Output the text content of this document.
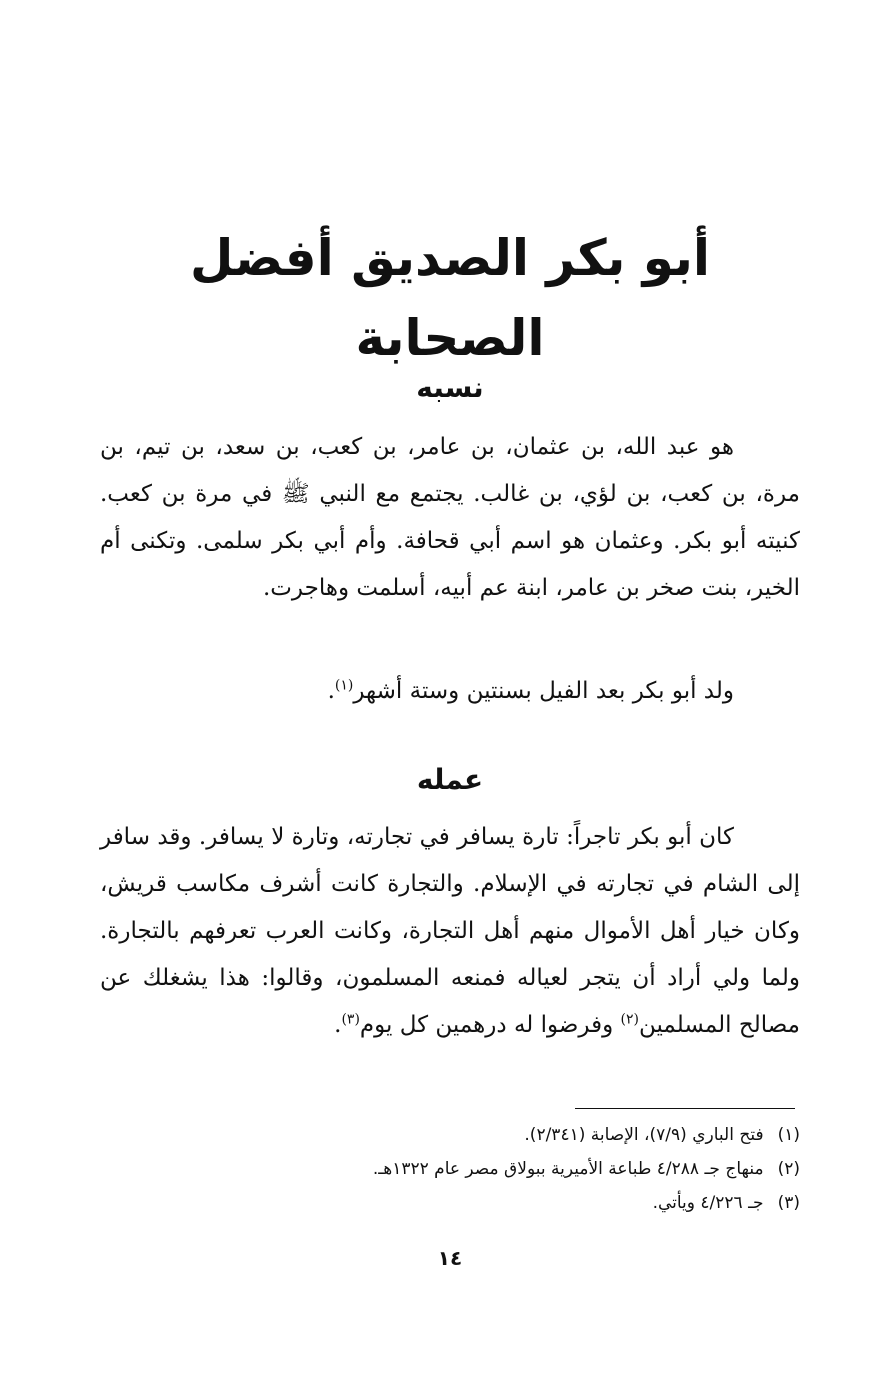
أبو بكر الصديق أفضل الصحابة
نسبه

هو عبد الله، بن عثمان، بن عامر، بن كعب، بن سعد، بن تيم، بن مرة، بن كعب، بن لؤي، بن غالب. يجتمع مع النبي ﷺ في مرة بن كعب. كنيته أبو بكر. وعثمان هو اسم أبي قحافة. وأم أبي بكر سلمى. وتكنى أم الخير، بنت صخر بن عامر، ابنة عم أبيه، أسلمت وهاجرت.

ولد أبو بكر بعد الفيل بسنتين وستة أشهر$^{(١)}$.

عمله

كان أبو بكر تاجراً: تارة يسافر في تجارته، وتارة لا يسافر. وقد سافر إلى الشام في تجارته في الإسلام. والتجارة كانت أشرف مكاسب قريش، وكان خيار أهل الأموال منهم أهل التجارة، وكانت العرب تعرفهم بالتجارة. ولما ولي أراد أن يتجر لعياله فمنعه المسلمون، وقالوا: هذا يشغلك عن مصالح المسلمين$^{(٢)}$ وفرضوا له درهمين كل يوم$^{(٣)}$.

(١)فتح الباري (٧/٩)، الإصابة (٢/٣٤١).
(٢)منهاج جـ ٤/٢٨٨ طباعة الأميرية ببولاق مصر عام ١٣٢٢هـ.
(٣)جـ ٤/٢٢٦ ويأتي.
١٤
